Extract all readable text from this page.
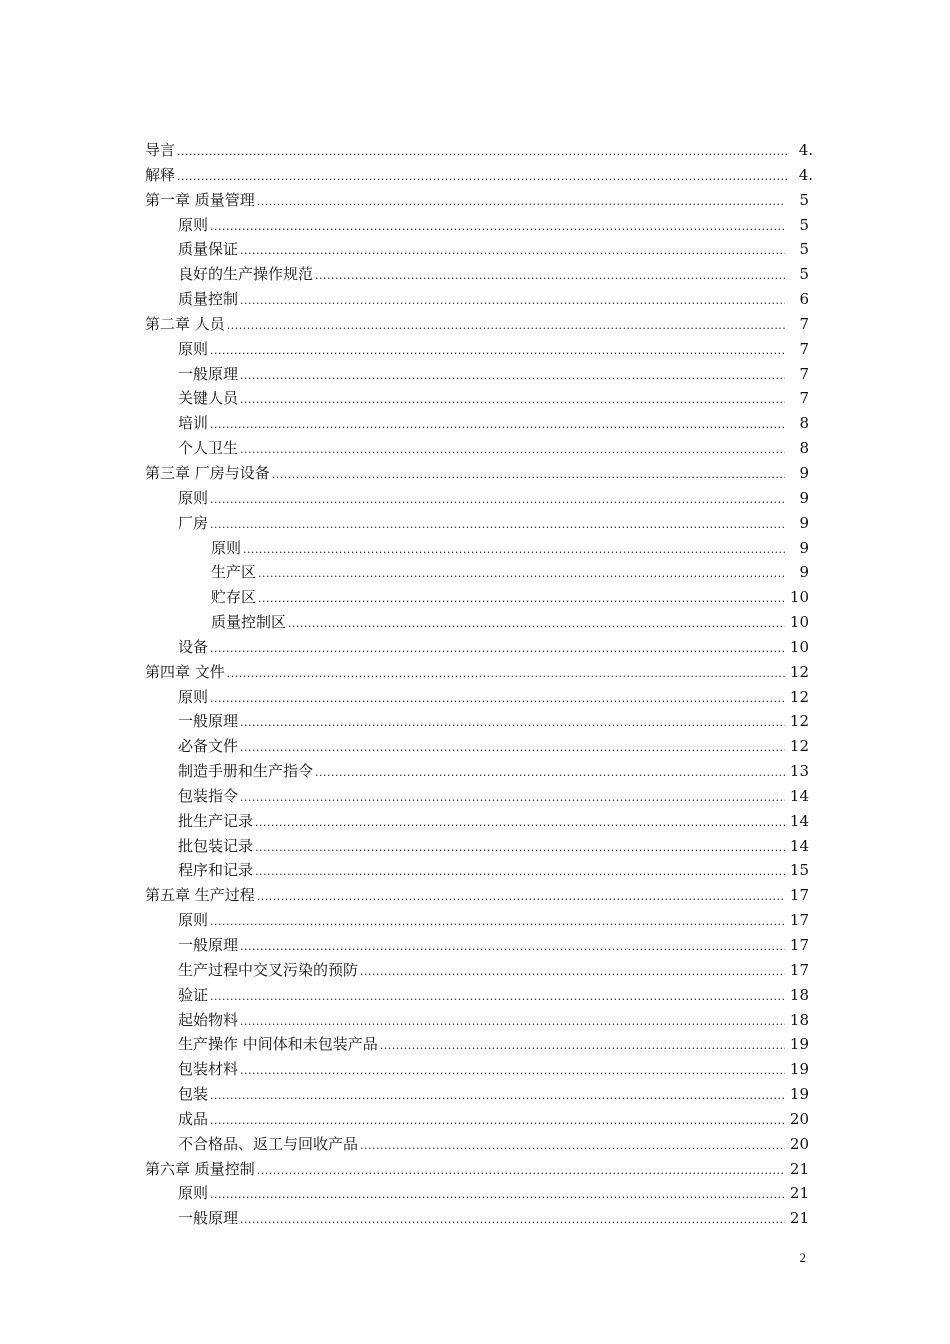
导言 .....	4.
解释 .....	4.
第一章 质量管理 .....	5
原则 .....	5
质量保证 .....	5
良好的生产操作规范 .....	5
质量控制 .....	6
第二章 人员 .....	7
原则 .....	7
一般原理 .....	7
关键人员 .....	7
培训 .....	8
个人卫生 .....	8
第三章 厂房与设备 .....	9
原则 .....	9
厂房 .....	9
原则 .....	9
生产区 .....	9
贮存区 .....	10
质量控制区 .....	10
设备 .....	10
第四章 文件 .....	12
原则 .....	12
一般原理 .....	12
必备文件 .....	12
制造手册和生产指令 .....	13
包装指令 .....	14
批生产记录 .....	14
批包装记录 .....	14
程序和记录 .....	15
第五章 生产过程 .....	17
原则 .....	17
一般原理 .....	17
生产过程中交叉污染的预防 .....	17
验证 .....	18
起始物料 .....	18
生产操作 中间体和未包装产品 .....	19
包装材料 .....	19
包装 .....	19
成品 .....	20
不合格品、返工与回收产品 .....	20
第六章 质量控制 .....	21
原则 .....	21
一般原理 .....	21
2
